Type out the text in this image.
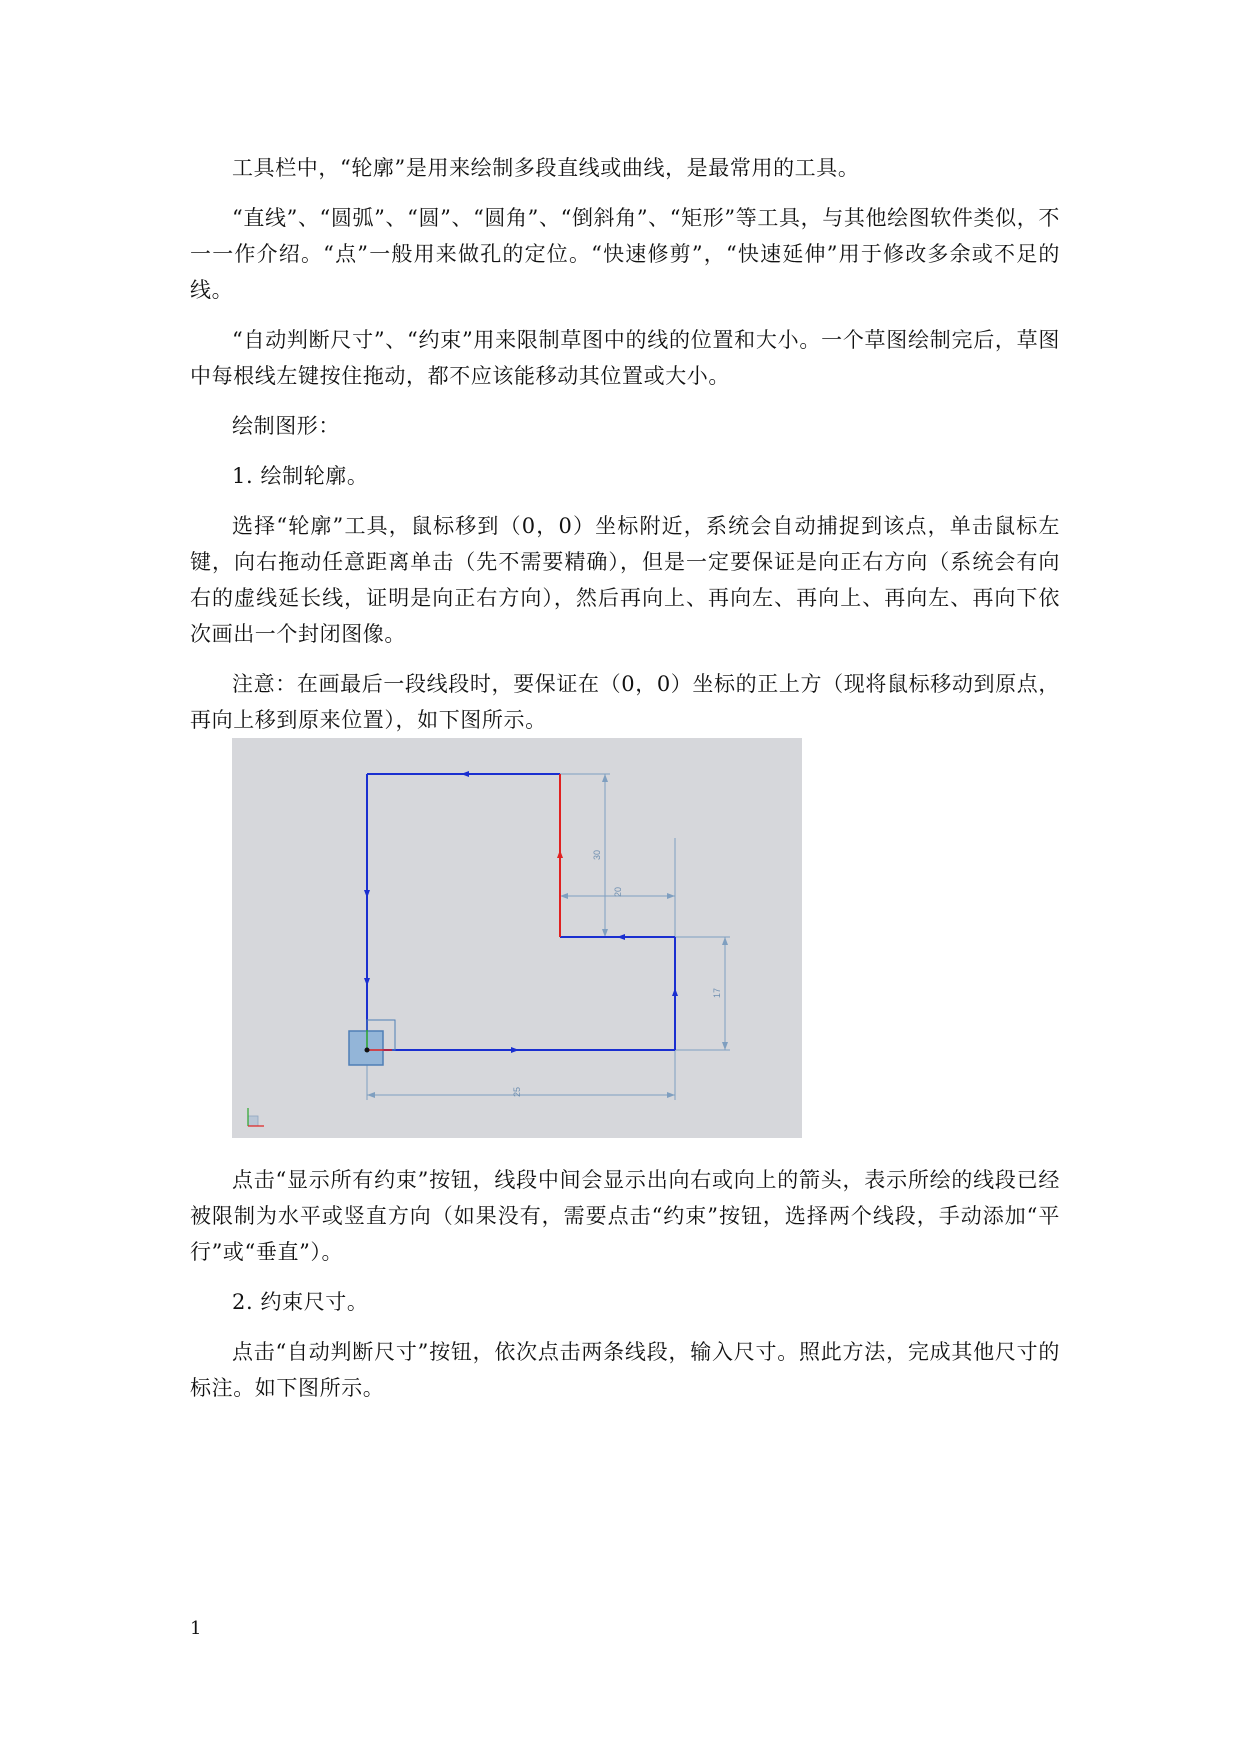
工具栏中，“轮廓”是用来绘制多段直线或曲线，是最常用的工具。

“直线”、“圆弧”、“圆”、“圆角”、“倒斜角”、“矩形”等工具，与其他绘图软件类似，不一一作介绍。“点”一般用来做孔的定位。“快速修剪”，“快速延伸”用于修改多余或不足的线。

“自动判断尺寸”、“约束”用来限制草图中的线的位置和大小。一个草图绘制完后，草图中每根线左键按住拖动，都不应该能移动其位置或大小。

绘制图形：

1. 绘制轮廓。

选择“轮廓”工具，鼠标移到（0，0）坐标附近，系统会自动捕捉到该点，单击鼠标左键，向右拖动任意距离单击（先不需要精确），但是一定要保证是向正右方向（系统会有向右的虚线延长线，证明是向正右方向），然后再向上、再向左、再向上、再向左、再向下依次画出一个封闭图像。

注意：在画最后一段线段时，要保证在（0，0）坐标的正上方（现将鼠标移动到原点，再向上移到原来位置），如下图所示。

30
20
17
25

点击“显示所有约束”按钮，线段中间会显示出向右或向上的箭头，表示所绘的线段已经被限制为水平或竖直方向（如果没有，需要点击“约束”按钮，选择两个线段，手动添加“平行”或“垂直”）。

2. 约束尺寸。

点击“自动判断尺寸”按钮，依次点击两条线段，输入尺寸。照此方法，完成其他尺寸的标注。如下图所示。

1
